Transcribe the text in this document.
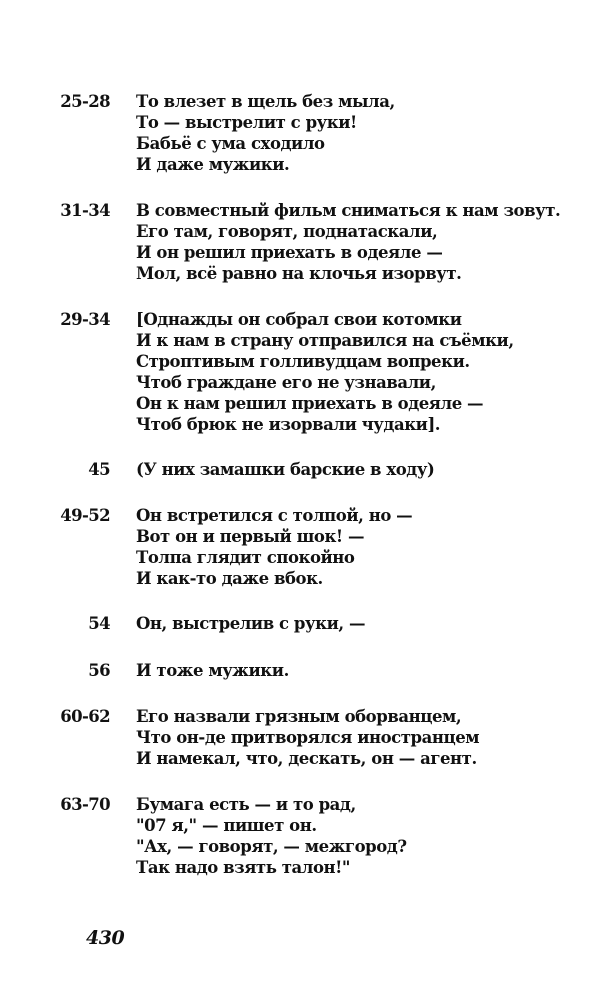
25-28 То влезет в щель без мыла,
То — выстрелит с руки!
Бабьё с ума сходило
И даже мужики.
31-34 В совместный фильм сниматься к нам зовут.
Его там, говорят, поднатаскали,
И он решил приехать в одеяле —
Мол, всё равно на клочья изорвут.
29-34 [Однажды он собрал свои котомки
И к нам в страну отправился на съёмки,
Строптивым голливудцам вопреки.
Чтоб граждане его не узнавали,
Он к нам решил приехать в одеяле —
Чтоб брюк не изорвали чудаки].
45 (У них замашки барские в ходу)
49-52 Он встретился с толпой, но —
Вот он и первый шок! —
Толпа глядит спокойно
И как-то даже вбок.
54 Он, выстрелив с руки, —
56 И тоже мужики.
60-62 Его назвали грязным оборванцем,
Что он-де притворялся иностранцем
И намекал, что, дескать, он — агент.
63-70 Бумага есть — и то рад,
"07 я," — пишет он.
"Ах, — говорят, — межгород?
Так надо взять талон!"
430
